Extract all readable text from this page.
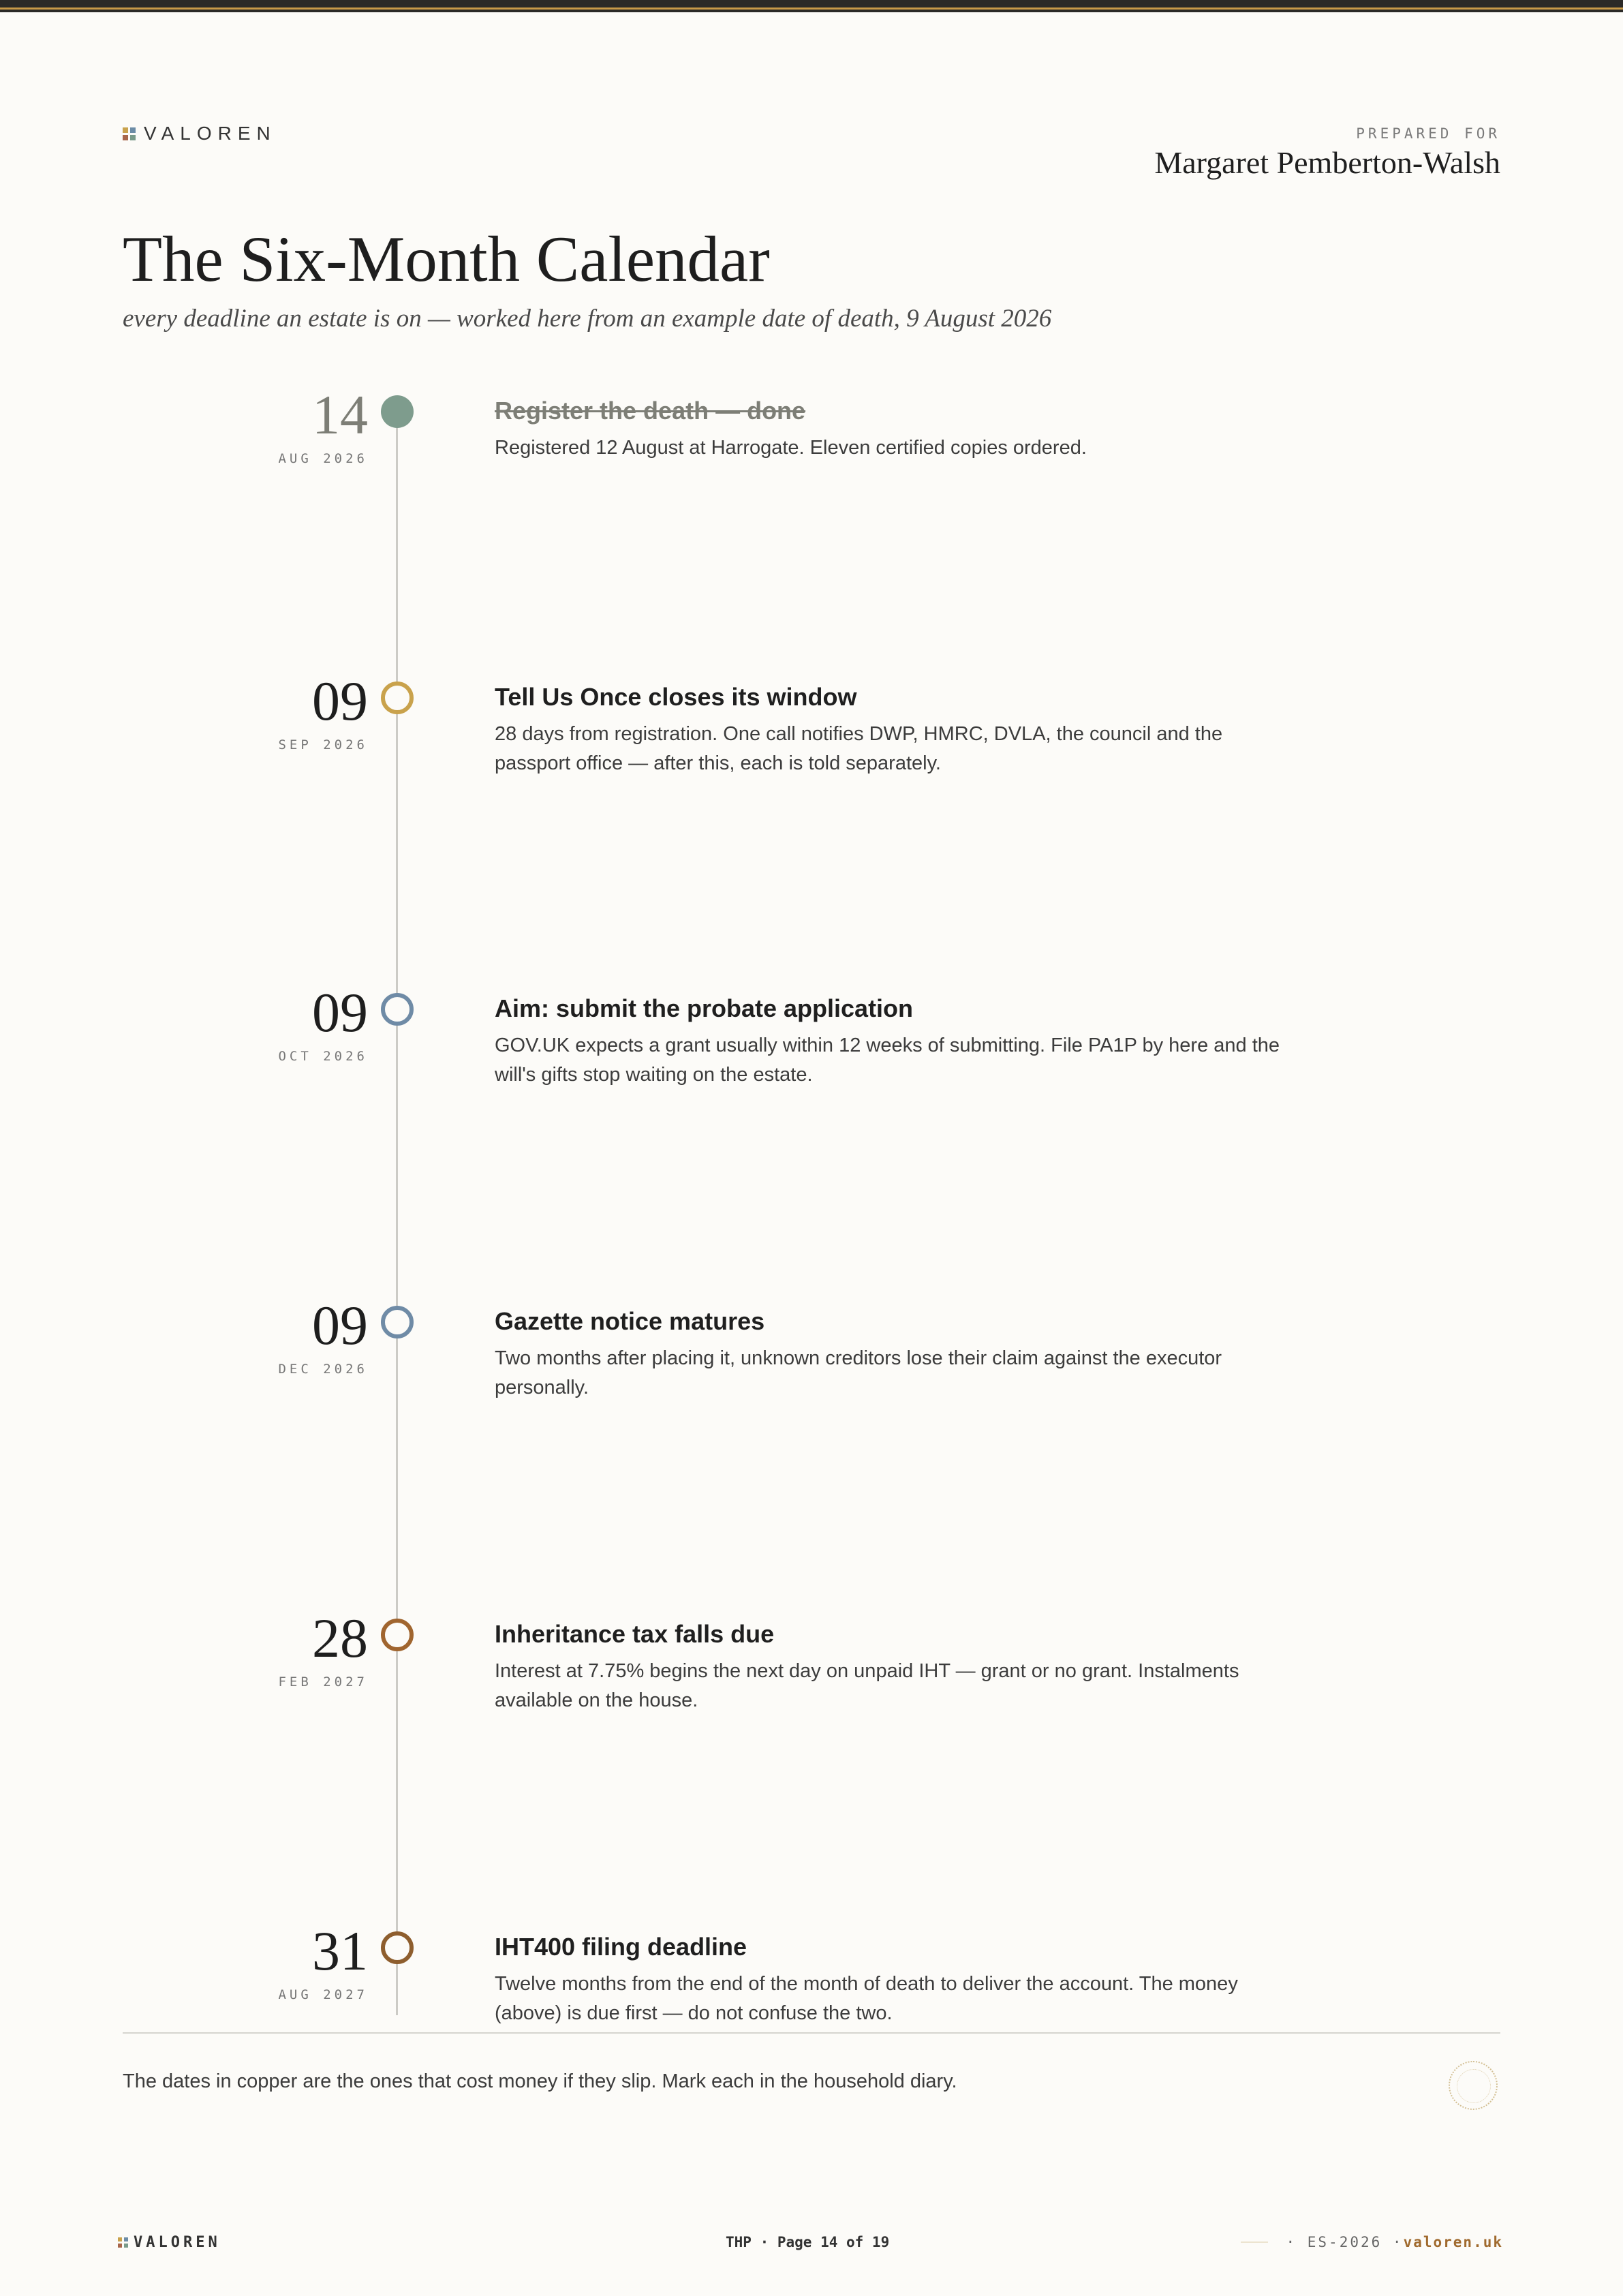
VALOREN	PREPARED FOR
Margaret Pemberton-Walsh
The Six-Month Calendar

every deadline an estate is on — worked here from an example date of death, 9 August 2026

14
AUG 2026
Register the death — done
Registered 12 August at Harrogate. Eleven certified copies ordered.
09
SEP 2026
Tell Us Once closes its window
28 days from registration. One call notifies DWP, HMRC, DVLA, the council and the passport office — after this, each is told separately.
09
OCT 2026
Aim: submit the probate application
GOV.UK expects a grant usually within 12 weeks of submitting. File PA1P by here and the will's gifts stop waiting on the estate.
09
DEC 2026
Gazette notice matures
Two months after placing it, unknown creditors lose their claim against the executor personally.
28
FEB 2027
Inheritance tax falls due
Interest at 7.75% begins the next day on unpaid IHT — grant or no grant. Instalments available on the house.
31
AUG 2027
IHT400 filing deadline
Twelve months from the end of the month of death to deliver the account. The money (above) is due first — do not confuse the two.
The dates in copper are the ones that cost money if they slip. Mark each in the household diary.
VALOREN	THP · Page 14 of 19	· ES-2026 · valoren.uk
